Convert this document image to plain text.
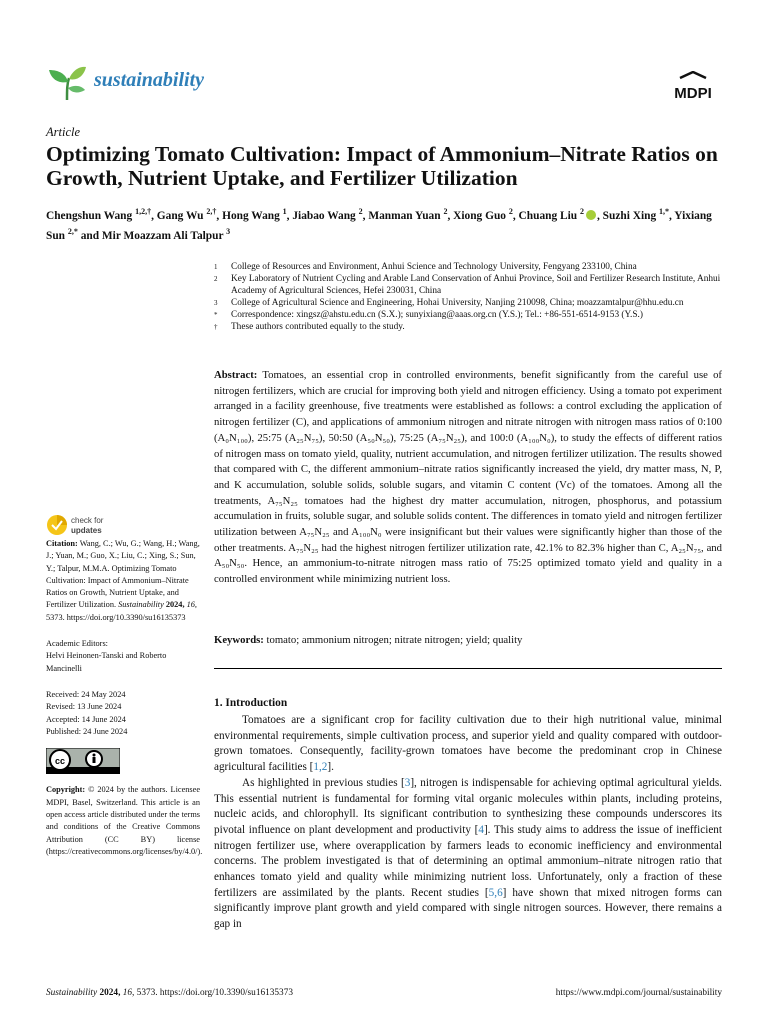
sustainability
MDPI
Article
Optimizing Tomato Cultivation: Impact of Ammonium–Nitrate Ratios on Growth, Nutrient Uptake, and Fertilizer Utilization
Chengshun Wang $^{1,2,\dagger}$, Gang Wu $^{2,\dagger}$, Hong Wang $^1$, Jiabao Wang $^2$, Manman Yuan $^2$, Xiong Guo $^2$, Chuang Liu $^2$ , Suzhi Xing $^{1,*}$, Yixiang Sun $^{2,*}$ and Mir Moazzam Ali Talpur $^3$
1	College of Resources and Environment, Anhui Science and Technology University, Fengyang 233100, China
2	Key Laboratory of Nutrient Cycling and Arable Land Conservation of Anhui Province, Soil and Fertilizer Research Institute, Anhui Academy of Agricultural Sciences, Hefei 230031, China
3	College of Agricultural Science and Engineering, Hohai University, Nanjing 210098, China; moazzamtalpur@hhu.edu.cn
*	Correspondence: xingsz@ahstu.edu.cn (S.X.); sunyixiang@aaas.org.cn (Y.S.); Tel.: +86-551-6514-9153 (Y.S.)
†	These authors contributed equally to the study.
Abstract: Tomatoes, an essential crop in controlled environments, benefit significantly from the careful use of nitrogen fertilizers, which are crucial for improving both yield and nitrogen efficiency. Using a tomato pot experiment arranged in a facility greenhouse, five treatments were established as follows: a control excluding the application of nitrogen fertilizer (C), and applications of ammonium nitrogen and nitrate nitrogen with nitrogen mass ratios of 0:100 (A₀N₁₀₀), 25:75 (A₂₅N₇₅), 50:50 (A₅₀N₅₀), 75:25 (A₇₅N₂₅), and 100:0 (A₁₀₀N₀), to study the effects of different ratios of nitrogen mass on tomato yield, quality, nutrient accumulation, and nitrogen fertilizer utilization. The results showed that compared with C, the different ammonium–nitrate ratios significantly increased the yield, dry matter mass, N, P, and K accumulation, soluble solids, soluble sugars, and vitamin C content (Vc) of the tomatoes. Among all the treatments, A₇₅N₂₅ tomatoes had the highest dry matter accumulation, nitrogen, phosphorus, and potassium accumulation in fruits, soluble sugar, and soluble solids content. The differences in tomato yield and nitrogen fertilizer utilization between A₇₅N₂₅ and A₁₀₀N₀ were insignificant but their values were significantly higher than those of the other treatments. A₇₅N₂₅ had the highest nitrogen fertilizer utilization rate, 42.1% to 82.3% higher than C, A₂₅N₇₅, and A₅₀N₅₀. Hence, an ammonium-to-nitrate nitrogen mass ratio of 75:25 optimized tomato yield and quality in a controlled environment while minimizing nutrient loss.
Keywords: tomato; ammonium nitrogen; nitrate nitrogen; yield; quality
check for
updates
Citation: Wang, C.; Wu, G.; Wang, H.; Wang, J.; Yuan, M.; Guo, X.; Liu, C.; Xing, S.; Sun, Y.; Talpur, M.M.A. Optimizing Tomato Cultivation: Impact of Ammonium–Nitrate Ratios on Growth, Nutrient Uptake, and Fertilizer Utilization. Sustainability 2024, 16, 5373. https://doi.org/10.3390/su16135373
Academic Editors:
Helvi Heinonen-Tanski and Roberto Mancinelli
Received: 24 May 2024
Revised: 13 June 2024
Accepted: 14 June 2024
Published: 24 June 2024
cc
Copyright: © 2024 by the authors. Licensee MDPI, Basel, Switzerland. This article is an open access article distributed under the terms and conditions of the Creative Commons Attribution (CC BY) license (https://creativecommons.org/licenses/by/4.0/).
1. Introduction

Tomatoes are a significant crop for facility cultivation due to their high nutritional value, minimal environmental requirements, simple cultivation process, and superior yield and quality compared with outdoor-grown tomatoes. Consequently, facility-grown tomatoes have become the predominant crop in Chinese agricultural facilities [1,2].

As highlighted in previous studies [3], nitrogen is indispensable for achieving optimal agricultural yields. This essential nutrient is fundamental for forming vital organic molecules within plants, including proteins, nucleic acids, and chlorophyll. Its significant contribution to synthesizing these compounds underscores its pivotal influence on plant development and productivity [4]. This study aims to address the issue of inefficient nitrogen fertilizer use, where overapplication by farmers leads to economic inefficiency and environmental concerns. The problem investigated is that of determining an optimal ammonium–nitrate nitrogen ratio that enhances tomato yield and quality while minimizing nutrient loss. Unfortunately, only a fraction of these fertilizers are assimilated by the plants. Recent studies [5,6] have shown that mixed nitrogen forms can significantly improve plant growth and yield compared with single nitrogen sources. However, there remains a gap in

Sustainability 2024, 16, 5373. https://doi.org/10.3390/su16135373	https://www.mdpi.com/journal/sustainability
